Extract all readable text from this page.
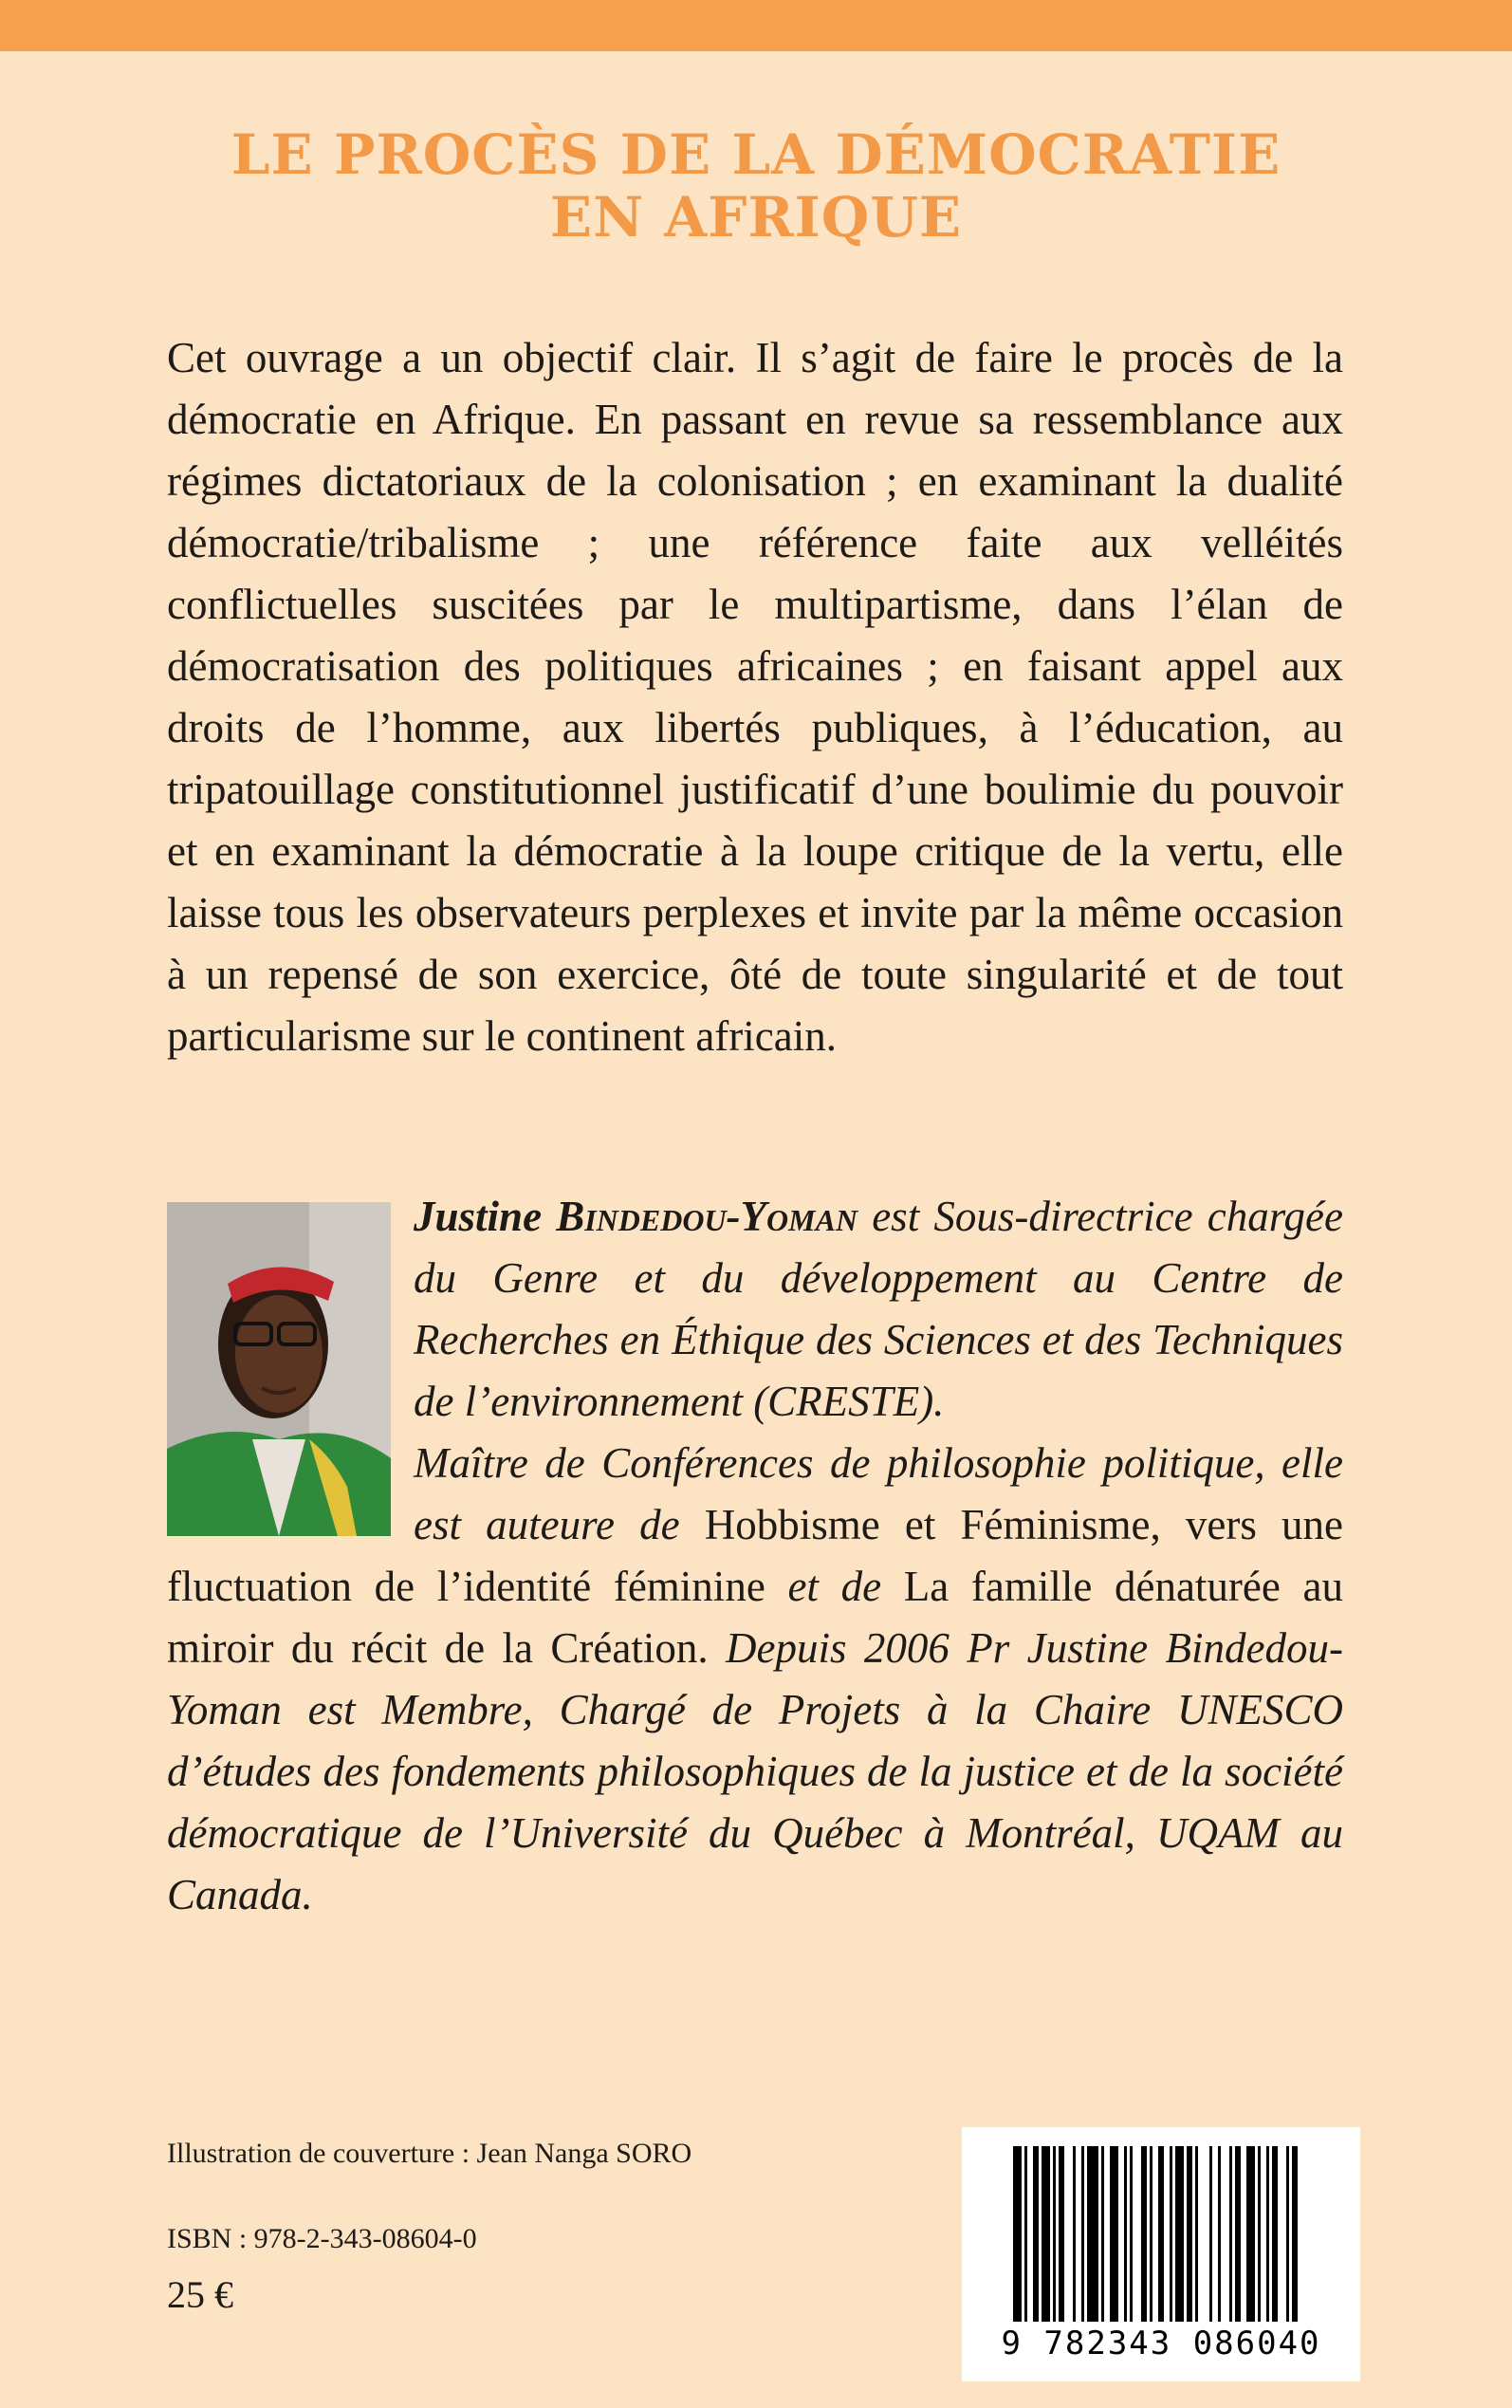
LE PROCÈS DE LA DÉMOCRATIE
EN AFRIQUE

Cet ouvrage a un objectif clair. Il s’agit de faire le procès de la démocratie en Afrique. En passant en revue sa ressemblance aux régimes dictatoriaux de la colonisation ; en examinant la dualité démocratie/tribalisme ; une référence faite aux velléités conflictuelles suscitées par le multipartisme, dans l’élan de démocratisation des politiques africaines ; en faisant appel aux droits de l’homme, aux libertés publiques, à l’éducation, au tripatouillage constitutionnel justificatif d’une boulimie du pouvoir et en examinant la démocratie à la loupe critique de la vertu, elle laisse tous les observateurs perplexes et invite par la même occasion à un repensé de son exercice, ôté de toute singularité et de tout particularisme sur le continent africain.

Justine Bindedou-Yoman est Sous-directrice chargée du Genre et du développement au Centre de Recherches en Éthique des Sciences et des Techniques de l’environnement (CRESTE).
Maître de Conférences de philosophie politique, elle est auteure de Hobbisme et Féminisme, vers une fluctuation de l’identité féminine et de La famille dénaturée au miroir du récit de la Création. Depuis 2006 Pr Justine Bindedou-Yoman est Membre, Chargé de Projets à la Chaire UNESCO d’études des fondements philosophiques de la justice et de la société démocratique de l’Université du Québec à Montréal, UQAM au Canada.

Illustration de couverture : Jean Nanga SORO

ISBN : 978-2-343-08604-0

25 €

9 782343 086040
